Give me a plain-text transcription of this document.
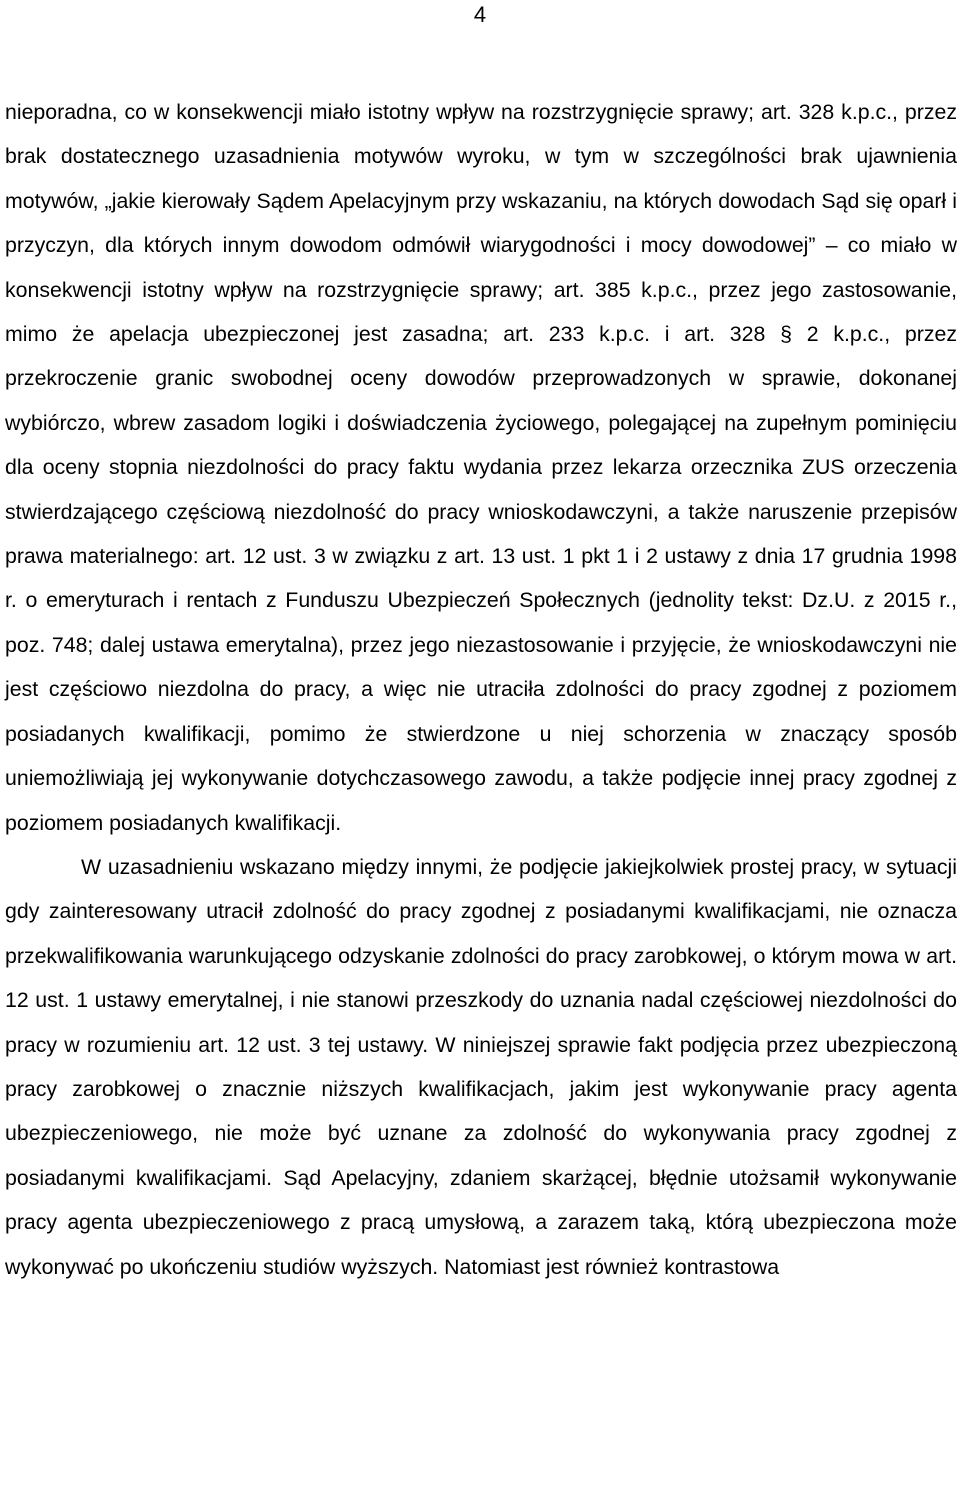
4

nieporadna, co w konsekwencji miało istotny wpływ na rozstrzygnięcie sprawy; art. 328 k.p.c., przez brak dostatecznego uzasadnienia motywów wyroku, w tym w szczególności brak ujawnienia motywów, „jakie kierowały Sądem Apelacyjnym przy wskazaniu, na których dowodach Sąd się oparł i przyczyn, dla których innym dowodom odmówił wiarygodności i mocy dowodowej” – co miało w konsekwencji istotny wpływ na rozstrzygnięcie sprawy; art. 385 k.p.c., przez jego zastosowanie, mimo że apelacja ubezpieczonej jest zasadna; art. 233 k.p.c. i art. 328 § 2 k.p.c., przez przekroczenie granic swobodnej oceny dowodów przeprowadzonych w sprawie, dokonanej wybiórczo, wbrew zasadom logiki i doświadczenia życiowego, polegającej na zupełnym pominięciu dla oceny stopnia niezdolności do pracy faktu wydania przez lekarza orzecznika ZUS orzeczenia stwierdzającego częściową niezdolność do pracy wnioskodawczyni, a także naruszenie przepisów prawa materialnego: art. 12 ust. 3 w związku z art. 13 ust. 1 pkt 1 i 2 ustawy z dnia 17 grudnia 1998 r. o emeryturach i rentach z Funduszu Ubezpieczeń Społecznych (jednolity tekst: Dz.U. z 2015 r., poz. 748; dalej ustawa emerytalna), przez jego niezastosowanie i przyjęcie, że wnioskodawczyni nie jest częściowo niezdolna do pracy, a więc nie utraciła zdolności do pracy zgodnej z poziomem posiadanych kwalifikacji, pomimo że stwierdzone u niej schorzenia w znaczący sposób uniemożliwiają jej wykonywanie dotychczasowego zawodu, a także podjęcie innej pracy zgodnej z poziomem posiadanych kwalifikacji.

W uzasadnieniu wskazano między innymi, że podjęcie jakiejkolwiek prostej pracy, w sytuacji gdy zainteresowany utracił zdolność do pracy zgodnej z posiadanymi kwalifikacjami, nie oznacza przekwalifikowania warunkującego odzyskanie zdolności do pracy zarobkowej, o którym mowa w art. 12 ust. 1 ustawy emerytalnej, i nie stanowi przeszkody do uznania nadal częściowej niezdolności do pracy w rozumieniu art. 12 ust. 3 tej ustawy. W niniejszej sprawie fakt podjęcia przez ubezpieczoną pracy zarobkowej o znacznie niższych kwalifikacjach, jakim jest wykonywanie pracy agenta ubezpieczeniowego, nie może być uznane za zdolność do wykonywania pracy zgodnej z posiadanymi kwalifikacjami. Sąd Apelacyjny, zdaniem skarżącej, błędnie utożsamił wykonywanie pracy agenta ubezpieczeniowego z pracą umysłową, a zarazem taką, którą ubezpieczona może wykonywać po ukończeniu studiów wyższych. Natomiast jest również kontrastowa
